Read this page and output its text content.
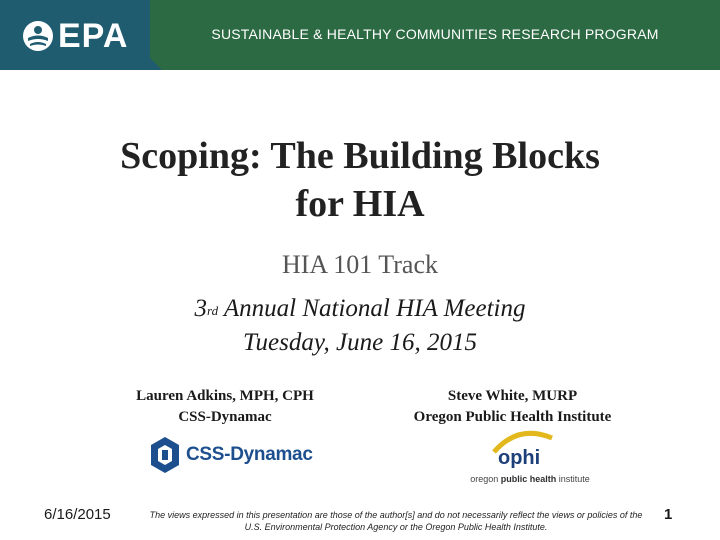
EPA	SUSTAINABLE & HEALTHY COMMUNITIES RESEARCH PROGRAM
Scoping: The Building Blocks
for HIA
HIA 101 Track
3rd Annual National HIA Meeting
Tuesday, June 16, 2015
Lauren Adkins, MPH, CPH
CSS-Dynamac
Steve White, MURP
Oregon Public Health Institute
CSS-Dynamac	ophi
oregon public health institute
6/16/2015	The views expressed in this presentation are those of the author[s] and do not necessarily reflect the views or policies of the U.S. Environmental Protection Agency or the Oregon Public Health Institute.
1
